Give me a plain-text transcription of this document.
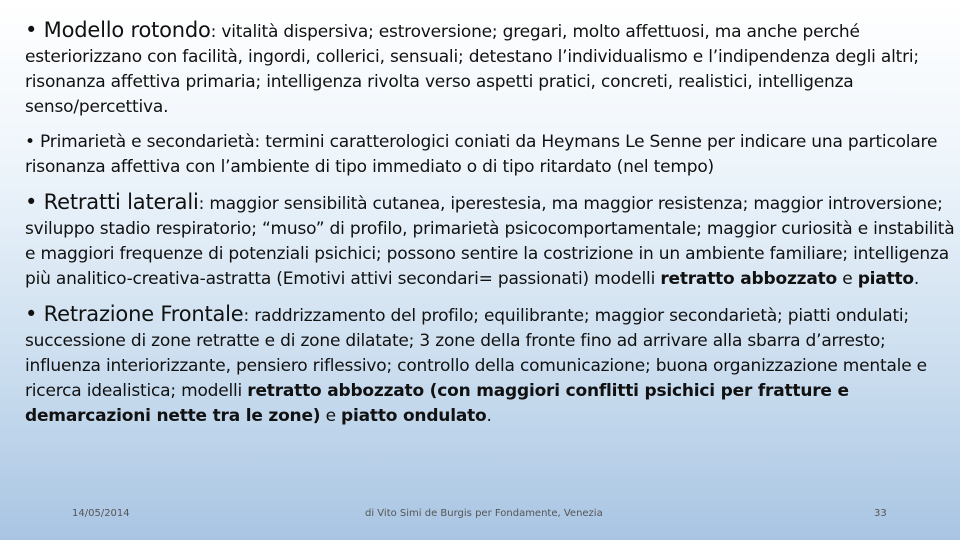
• Modello rotondo: vitalità dispersiva; estroversione; gregari, molto affettuosi, ma anche perché esteriorizzano con facilità, ingordi, collerici, sensuali; detestano l’individualismo e l’indipendenza degli altri; risonanza affettiva primaria; intelligenza rivolta verso aspetti pratici, concreti, realistici, intelligenza senso/percettiva.

• Primarietà e secondarietà: termini caratterologici coniati da Heymans Le Senne per indicare una particolare risonanza affettiva con l’ambiente di tipo immediato o di tipo ritardato (nel tempo)

• Retratti laterali: maggior sensibilità cutanea, iperestesia, ma maggior resistenza; maggior introversione; sviluppo stadio respiratorio; “muso” di profilo, primarietà psicocomportamentale; maggior curiosità e instabilità e maggiori frequenze di potenziali psichici; possono sentire la costrizione in un ambiente familiare; intelligenza più analitico-creativa-astratta (Emotivi attivi secondari= passionati) modelli retratto abbozzato e piatto.

• Retrazione Frontale: raddrizzamento del profilo; equilibrante; maggior secondarietà; piatti ondulati; successione di zone retratte e di zone dilatate; 3 zone della fronte fino ad arrivare alla sbarra d’arresto; influenza interiorizzante, pensiero riflessivo; controllo della comunicazione; buona organizzazione mentale e ricerca idealistica; modelli retratto abbozzato (con maggiori conflitti psichici per fratture e demarcazioni nette tra le zone) e piatto ondulato.

14/05/2014	di Vito Simi de Burgis per Fondamente, Venezia	33
